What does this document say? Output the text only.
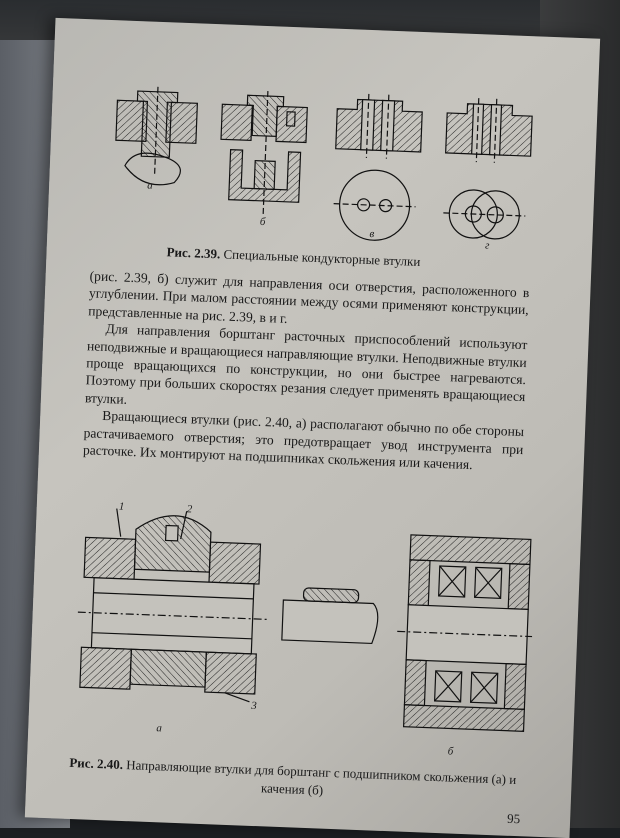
а
б
в
г
Рис. 2.39. Специальные кондукторные втулки

(рис. 2.39, б) служит для направления оси отверстия, расположенного в углублении. При малом расстоянии между осями применяют конструкции, представленные на рис. 2.39, в и г.

Для направления борштанг расточных приспособлений используют неподвижные и вращающиеся направляющие втулки. Неподвижные втулки проще вращающихся по конструкции, но они быстрее нагреваются. Поэтому при больших скоростях резания следует применять вращающиеся втулки.

Вращающиеся втулки (рис. 2.40, а) располагают обычно по обе стороны растачиваемого отверстия; это предотвращает увод инструмента при расточке. Их монтируют на подшипниках скольжения или качения.

1	2
3
а
б
Рис. 2.40. Направляющие втулки для борштанг с подшипником скольжения (а) и качения (б)
95
